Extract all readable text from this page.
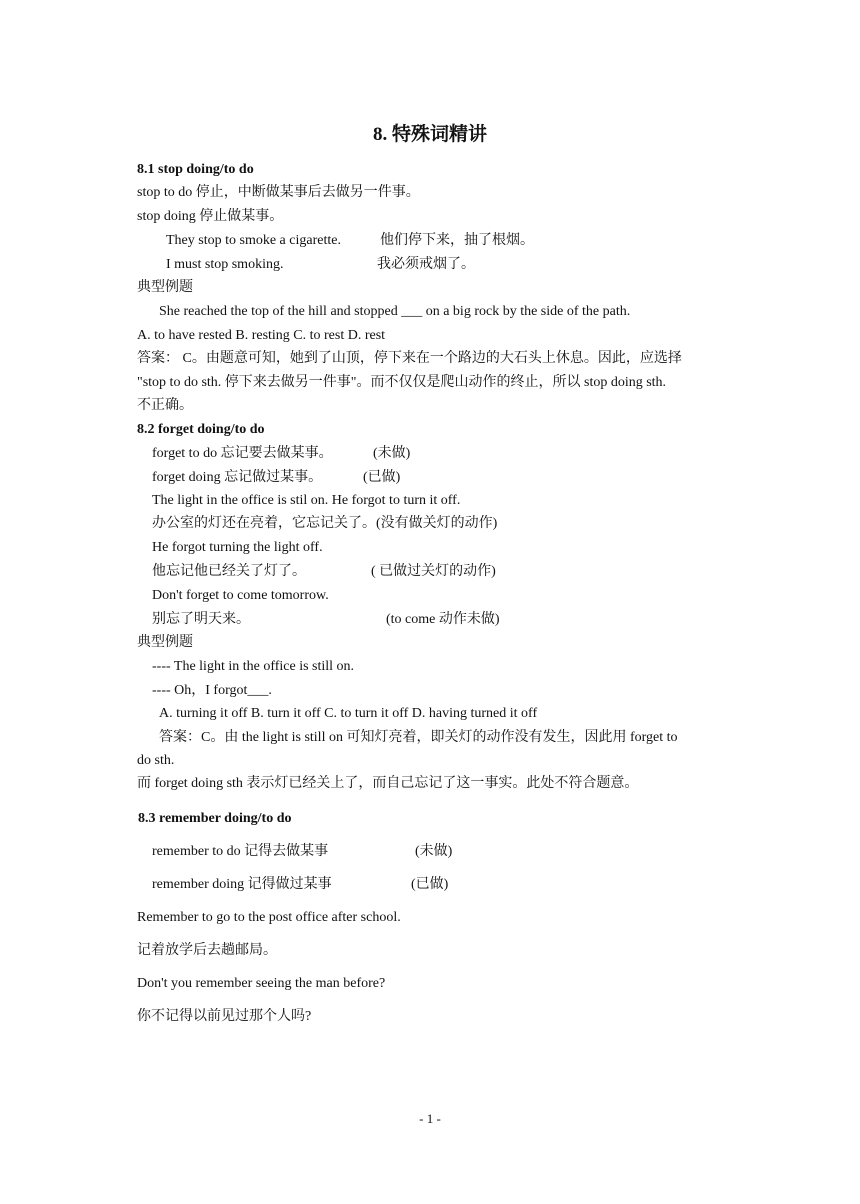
8. 特殊词精讲
8.1 stop doing/to do
stop to do 停止，中断做某事后去做另一件事。
stop doing 停止做某事。
They stop to smoke a cigarette.	他们停下来，抽了根烟。
I must stop smoking.	我必须戒烟了。
典型例题
She reached the top of the hill and stopped ___ on a big rock by the side of the path.
A. to have rested B. resting C. to rest D. rest
答案： C。由题意可知，她到了山顶，停下来在一个路边的大石头上休息。因此，应选择
"stop to do sth. 停下来去做另一件事"。而不仅仅是爬山动作的终止，所以 stop doing sth.
不正确。
8.2 forget doing/to do
forget to do 忘记要去做某事。	(未做)
forget doing 忘记做过某事。	(已做)
The light in the office is stil on. He forgot to turn it off.
办公室的灯还在亮着，它忘记关了。(没有做关灯的动作)
He forgot turning the light off.
他忘记他已经关了灯了。	( 已做过关灯的动作)
Don't forget to come tomorrow.
别忘了明天来。	(to come 动作未做)
典型例题
---- The light in the office is still on.
---- Oh，I forgot___.
A. turning it off B. turn it off C. to turn it off D. having turned it off
答案：C。由 the light is still on 可知灯亮着，即关灯的动作没有发生，因此用 forget to
do sth.
而 forget doing sth 表示灯已经关上了，而自己忘记了这一事实。此处不符合题意。
8.3 remember doing/to do
remember to do 记得去做某事	(未做)
remember doing 记得做过某事	(已做)
Remember to go to the post office after school.
记着放学后去趟邮局。
Don't you remember seeing the man before?
你不记得以前见过那个人吗?
- 1 -
